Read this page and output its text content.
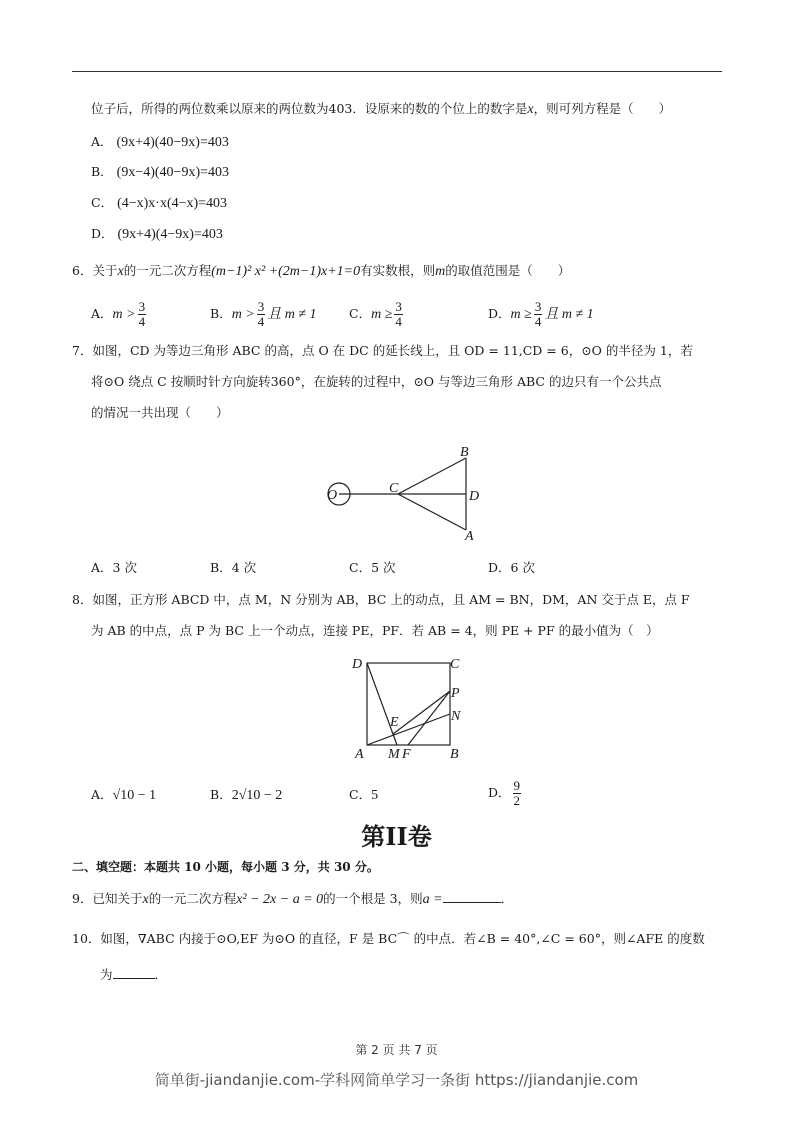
位子后，所得的两位数乘以原来的两位数为403．设原来的数的个位上的数字是x，则可列方程是（　　）
A． (9x+4)(40−9x)=403
B． (9x−4)(40−9x)=403
C． (4−x)x·x(4−x)=403
D． (9x+4)(4−9x)=403
6．关于x的一元二次方程(m−1)² x² +(2m−1)x+1=0有实数根，则m的取值范围是（　　）
A．$m > \frac{3}{4}$	B．$m > \frac{3}{4}$ 且 m ≠ 1	C．$m \ge \frac{3}{4}$	D．$m \ge \frac{3}{4}$ 且 m ≠ 1
7．如图，CD 为等边三角形 ABC 的高，点 O 在 DC 的延长线上，且 OD = 11,CD = 6，⊙O 的半径为 1，若
将⊙O 绕点 C 按顺时针方向旋转360°，在旋转的过程中，⊙O 与等边三角形 ABC 的边只有一个公共点
的情况一共出现（　　）
O	C
B
D
A
A．3 次	B．4 次	C．5 次	D．6 次
8．如图，正方形 ABCD 中，点 M，N 分别为 AB，BC 上的动点，且 AM = BN，DM，AN 交于点 E，点 F
为 AB 的中点，点 P 为 BC 上一个动点，连接 PE，PF．若 AB = 4，则 PE + PF 的最小值为（　）
D	C
P
N
E
A M F	B
A．√10 − 1	B．2√10 − 2	C．5	D． $\frac{9}{2}$
第II卷
二、填空题：本题共 10 小题，每小题 3 分，共 30 分。
9．已知关于x的一元二次方程x² − 2x − a = 0的一个根是 3，则a =	．
10．如图，∇ABC 内接于⊙O,EF 为⊙O 的直径，F 是 BC⌒ 的中点．若∠B = 40°,∠C = 60°，则∠AFE 的度数
为	．
第 2 页 共 7 页
简单街-jiandanjie.com-学科网简单学习一条街 https://jiandanjie.com
